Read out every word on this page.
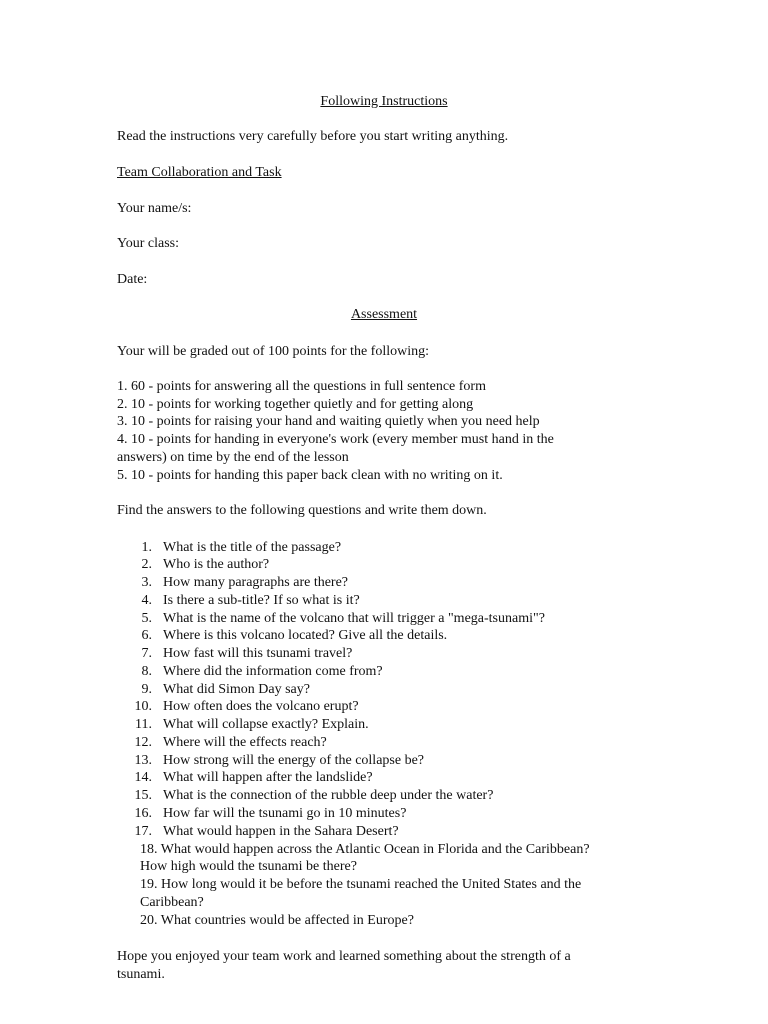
Following Instructions
Read the instructions very carefully before you start writing anything.
Team Collaboration and Task
Your name/s:
Your class:
Date:
Assessment
Your will be graded out of 100 points for the following:
1. 60 - points for answering all the questions in full sentence form
2. 10 - points for working together quietly and for getting along
3. 10 - points for raising your hand and waiting quietly when you need help
4. 10 - points for handing in everyone's work (every member must hand in the
answers) on time by the end of the lesson
5. 10 - points for handing this paper back clean with no writing on it.
Find the answers to the following questions and write them down.
1. What is the title of the passage?
2. Who is the author?
3. How many paragraphs are there?
4. Is there a sub-title? If so what is it?
5. What is the name of the volcano that will trigger a "mega-tsunami"?
6. Where is this volcano located? Give all the details.
7. How fast will this tsunami travel?
8. Where did the information come from?
9. What did Simon Day say?
10. How often does the volcano erupt?
11. What will collapse exactly? Explain.
12. Where will the effects reach?
13. How strong will the energy of the collapse be?
14. What will happen after the landslide?
15. What is the connection of the rubble deep under the water?
16. How far will the tsunami go in 10 minutes?
17. What would happen in the Sahara Desert?
18. What would happen across the Atlantic Ocean in Florida and the Caribbean?
How high would the tsunami be there?
19. How long would it be before the tsunami reached the United States and the
Caribbean?
20. What countries would be affected in Europe?
Hope you enjoyed your team work and learned something about the strength of a
tsunami.
